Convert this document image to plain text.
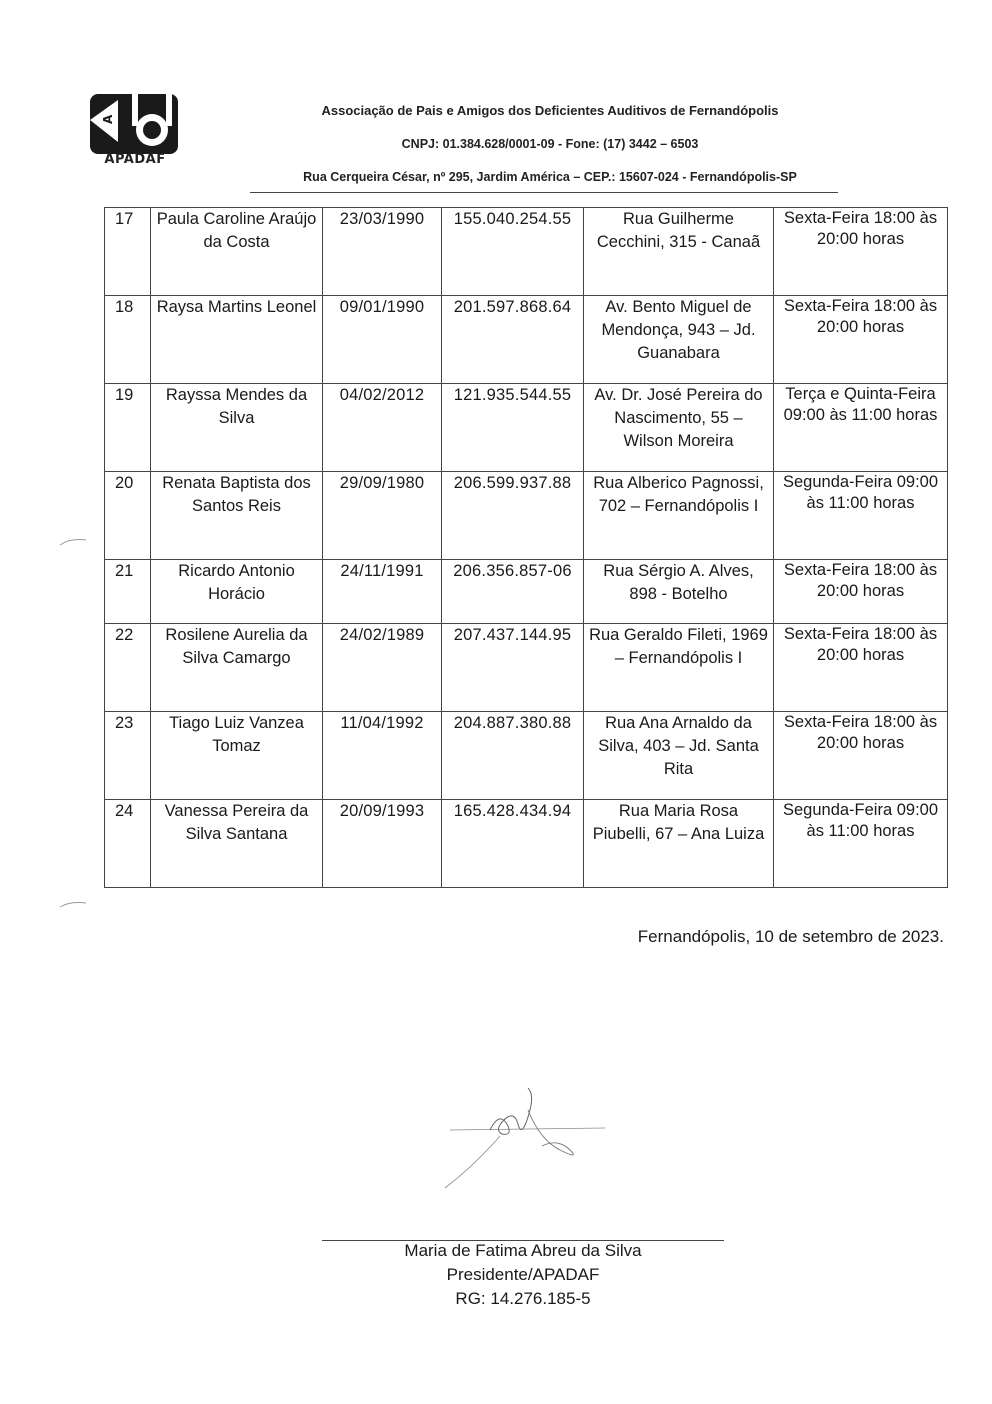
A
APADAF
Associação de Pais e Amigos dos Deficientes Auditivos de Fernandópolis
CNPJ: 01.384.628/0001-09 - Fone: (17) 3442 – 6503
Rua Cerqueira César, nº 295, Jardim América – CEP.: 15607-024 - Fernandópolis-SP
17	Paula Caroline Araújo da Costa	23/03/1990	155.040.254.55	Rua Guilherme Cecchini, 315 - Canaã	Sexta-Feira 18:00 às 20:00 horas
18	Raysa Martins Leonel	09/01/1990	201.597.868.64	Av. Bento Miguel de Mendonça, 943 – Jd. Guanabara	Sexta-Feira 18:00 às 20:00 horas
19	Rayssa Mendes da Silva	04/02/2012	121.935.544.55	Av. Dr. José Pereira do Nascimento, 55 – Wilson Moreira	Terça e Quinta-Feira 09:00 às 11:00 horas
20	Renata Baptista dos Santos Reis	29/09/1980	206.599.937.88	Rua Alberico Pagnossi, 702 – Fernandópolis I	Segunda-Feira 09:00 às 11:00 horas
21	Ricardo Antonio Horácio	24/11/1991	206.356.857-06	Rua Sérgio A. Alves, 898 - Botelho	Sexta-Feira 18:00 às 20:00 horas
22	Rosilene Aurelia da Silva Camargo	24/02/1989	207.437.144.95	Rua Geraldo Fileti, 1969 – Fernandópolis I	Sexta-Feira 18:00 às 20:00 horas
23	Tiago Luiz Vanzea Tomaz	11/04/1992	204.887.380.88	Rua Ana Arnaldo da Silva, 403 – Jd. Santa Rita	Sexta-Feira 18:00 às 20:00 horas
24	Vanessa Pereira da Silva Santana	20/09/1993	165.428.434.94	Rua Maria Rosa Piubelli, 67 – Ana Luiza	Segunda-Feira 09:00 às 11:00 horas
Fernandópolis, 10 de setembro de 2023.
Maria de Fatima Abreu da Silva
Presidente/APADAF
RG: 14.276.185-5
